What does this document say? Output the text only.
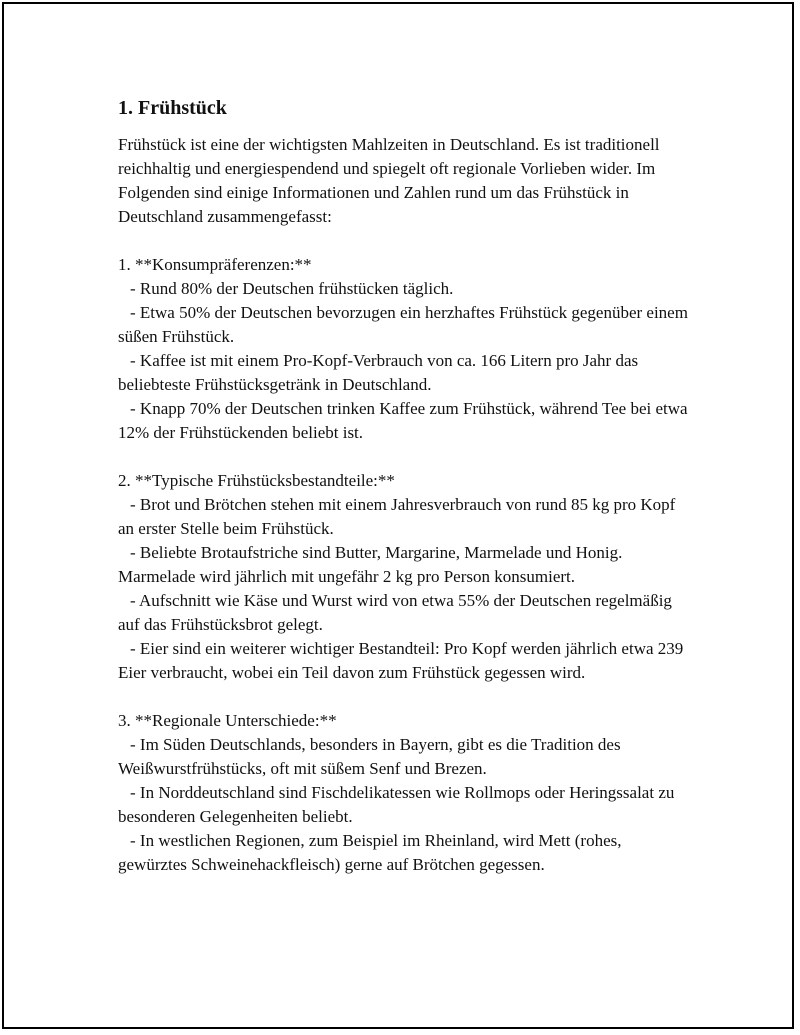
1. Frühstück

Frühstück ist eine der wichtigsten Mahlzeiten in Deutschland. Es ist traditionell reichhaltig und energiespendend und spiegelt oft regionale Vorlieben wider. Im Folgenden sind einige Informationen und Zahlen rund um das Frühstück in Deutschland zusammengefasst:

1. **Konsumpräferenzen:**

- Rund 80% der Deutschen frühstücken täglich.

- Etwa 50% der Deutschen bevorzugen ein herzhaftes Frühstück gegenüber einem süßen Frühstück.

- Kaffee ist mit einem Pro-Kopf-Verbrauch von ca. 166 Litern pro Jahr das beliebteste Frühstücksgetränk in Deutschland.

- Knapp 70% der Deutschen trinken Kaffee zum Frühstück, während Tee bei etwa 12% der Frühstückenden beliebt ist.

2. **Typische Frühstücksbestandteile:**

- Brot und Brötchen stehen mit einem Jahresverbrauch von rund 85 kg pro Kopf an erster Stelle beim Frühstück.

- Beliebte Brotaufstriche sind Butter, Margarine, Marmelade und Honig. Marmelade wird jährlich mit ungefähr 2 kg pro Person konsumiert.

- Aufschnitt wie Käse und Wurst wird von etwa 55% der Deutschen regelmäßig auf das Frühstücksbrot gelegt.

- Eier sind ein weiterer wichtiger Bestandteil: Pro Kopf werden jährlich etwa 239 Eier verbraucht, wobei ein Teil davon zum Frühstück gegessen wird.

3. **Regionale Unterschiede:**

- Im Süden Deutschlands, besonders in Bayern, gibt es die Tradition des Weißwurstfrühstücks, oft mit süßem Senf und Brezen.

- In Norddeutschland sind Fischdelikatessen wie Rollmops oder Heringssalat zu besonderen Gelegenheiten beliebt.

- In westlichen Regionen, zum Beispiel im Rheinland, wird Mett (rohes, gewürztes Schweinehackfleisch) gerne auf Brötchen gegessen.
